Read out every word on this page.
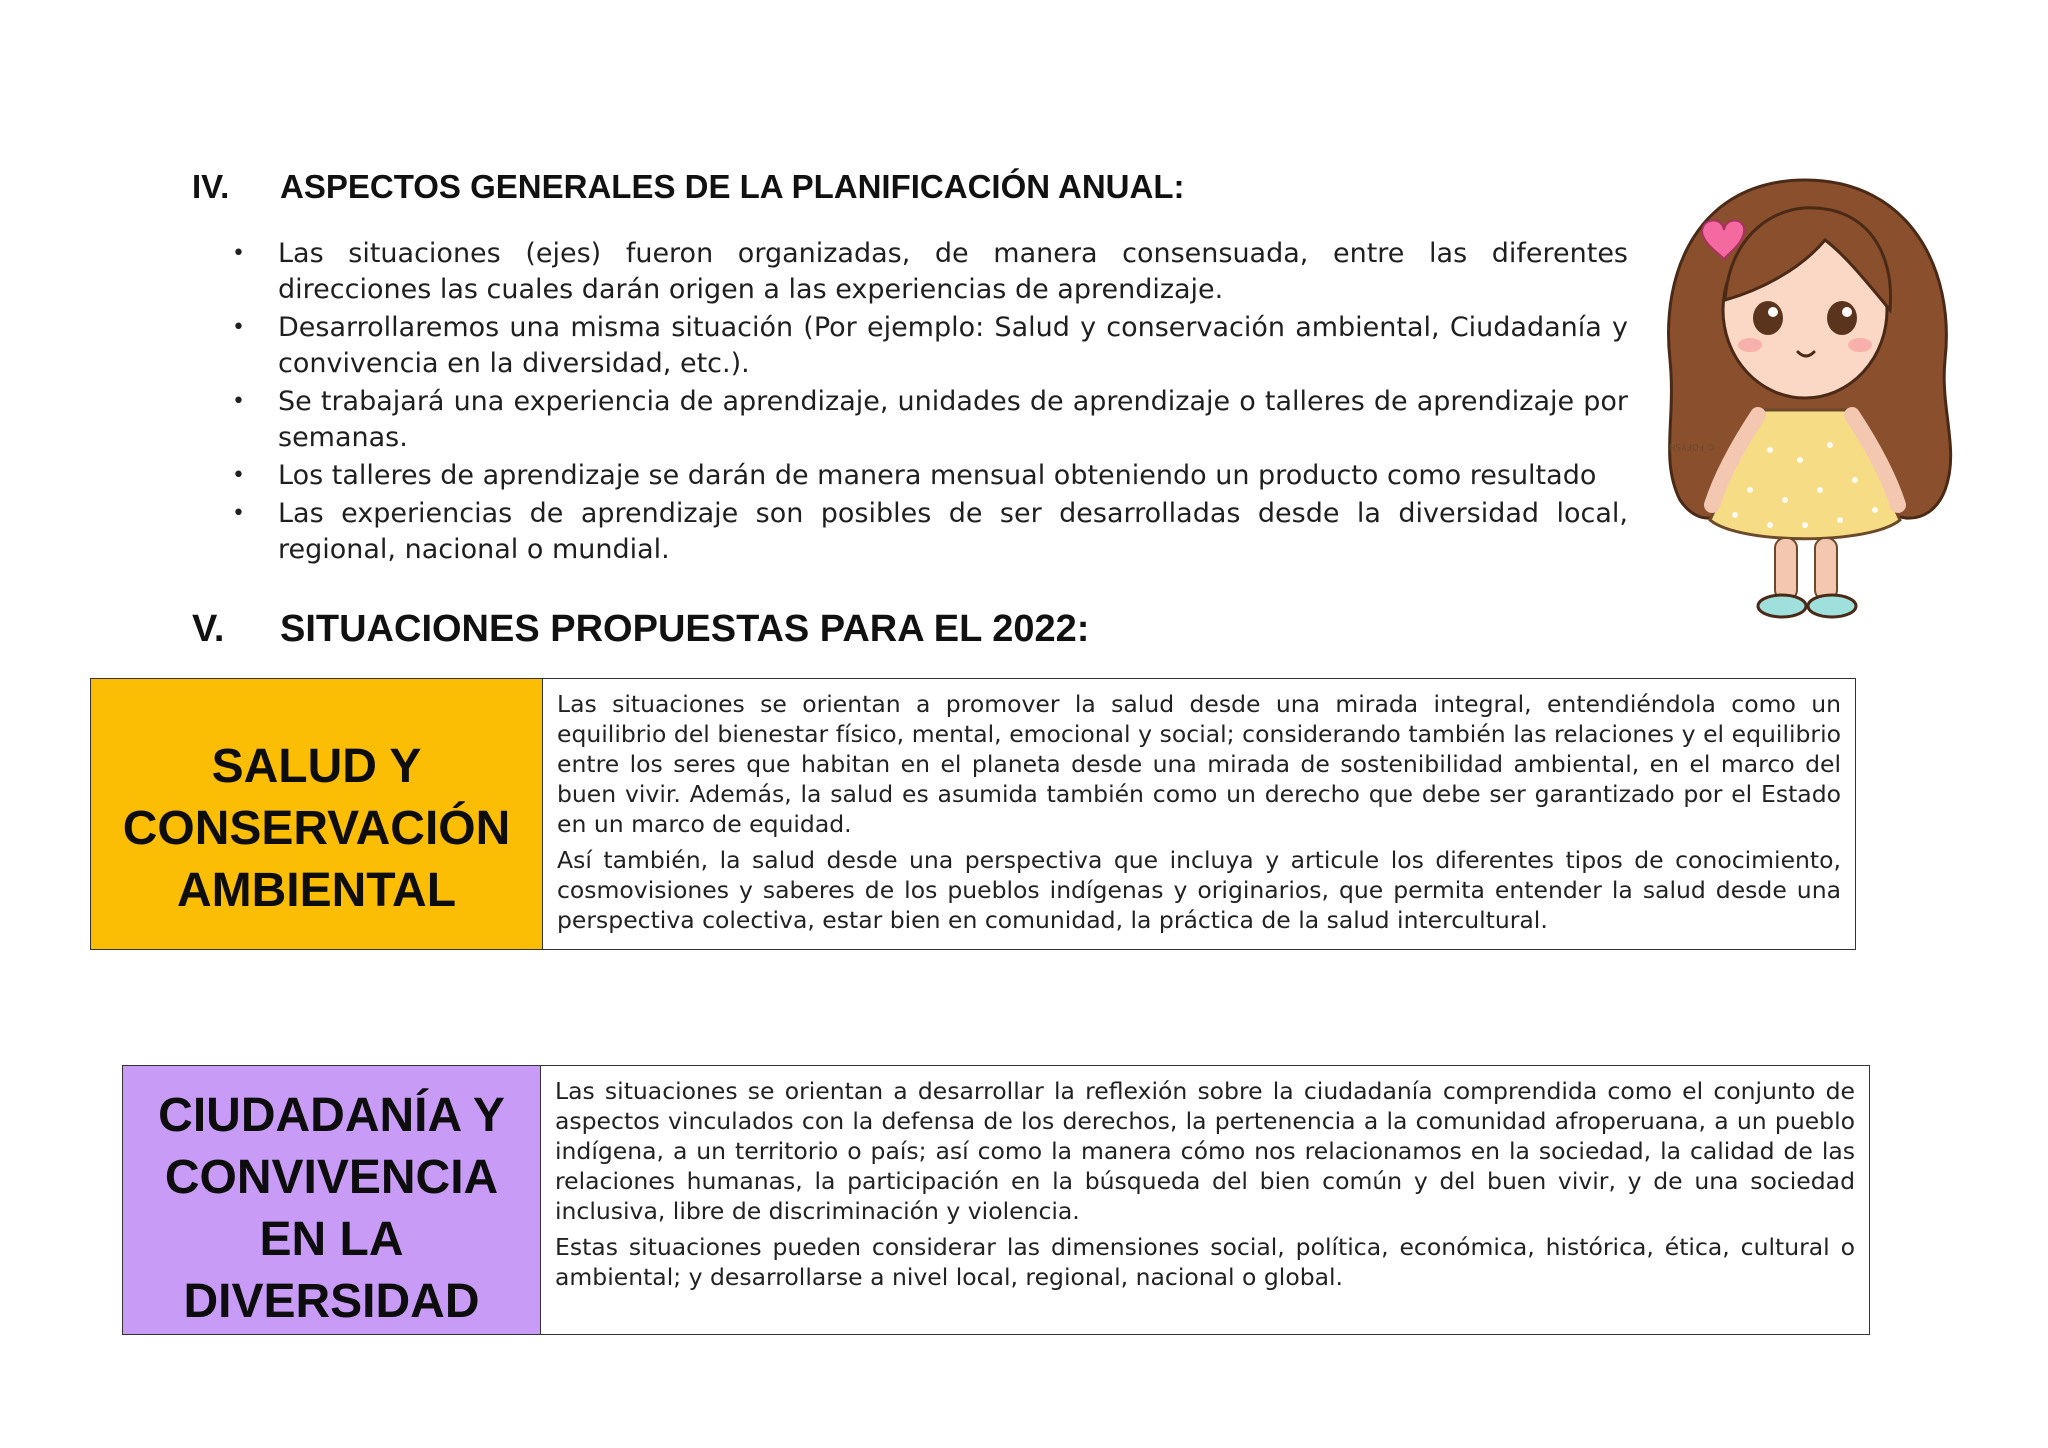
IV. ASPECTOS GENERALES DE LA PLANIFICACIÓN ANUAL:
• Las situaciones (ejes) fueron organizadas, de manera consensuada, entre las diferentes direcciones las cuales darán origen a las experiencias de aprendizaje.
• Desarrollaremos una misma situación (Por ejemplo: Salud y conservación ambiental, Ciudadanía y convivencia en la diversidad, etc.).
• Se trabajará una experiencia de aprendizaje, unidades de aprendizaje o talleres de aprendizaje por semanas.
• Los talleres de aprendizaje se darán de manera mensual obteniendo un producto como resultado
• Las experiencias de aprendizaje son posibles de ser desarrolladas desde la diversidad local, regional, nacional o mundial.
© FOFYSH
V. SITUACIONES PROPUESTAS PARA EL 2022:
SALUD Y
CONSERVACIÓN
AMBIENTAL

Las situaciones se orientan a promover la salud desde una mirada integral, entendiéndola como un equilibrio del bienestar físico, mental, emocional y social; considerando también las relaciones y el equilibrio entre los seres que habitan en el planeta desde una mirada de sostenibilidad ambiental, en el marco del buen vivir. Además, la salud es asumida también como un derecho que debe ser garantizado por el Estado en un marco de equidad.

Así también, la salud desde una perspectiva que incluya y articule los diferentes tipos de conocimiento, cosmovisiones y saberes de los pueblos indígenas y originarios, que permita entender la salud desde una perspectiva colectiva, estar bien en comunidad, la práctica de la salud intercultural.

CIUDADANÍA Y
CONVIVENCIA
EN LA
DIVERSIDAD

Las situaciones se orientan a desarrollar la reflexión sobre la ciudadanía comprendida como el conjunto de aspectos vinculados con la defensa de los derechos, la pertenencia a la comunidad afroperuana, a un pueblo indígena, a un territorio o país; así como la manera cómo nos relacionamos en la sociedad, la calidad de las relaciones humanas, la participación en la búsqueda del bien común y del buen vivir, y de una sociedad inclusiva, libre de discriminación y violencia.

Estas situaciones pueden considerar las dimensiones social, política, económica, histórica, ética, cultural o ambiental; y desarrollarse a nivel local, regional, nacional o global.
